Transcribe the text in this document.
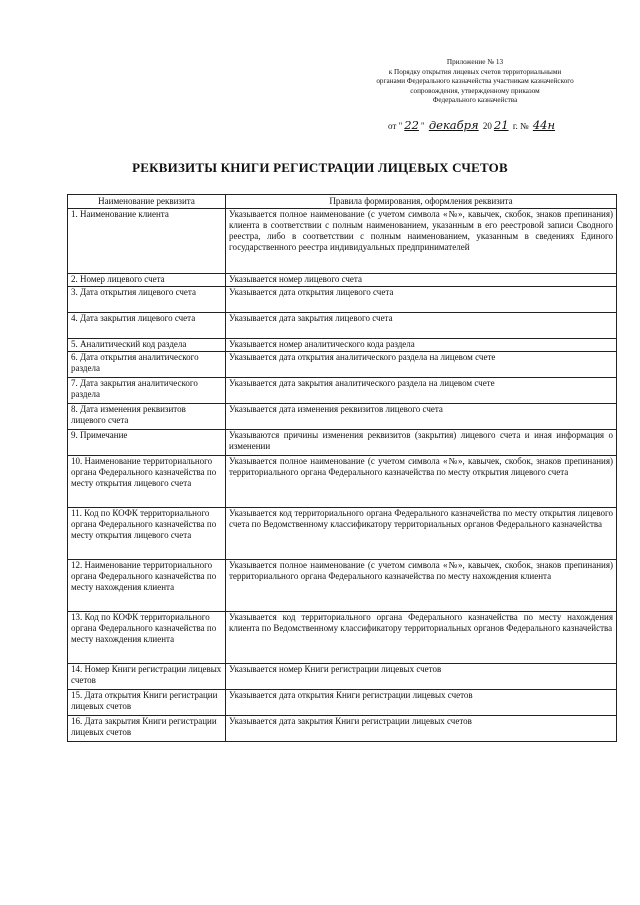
Приложение № 13
к Порядку открытия лицевых счетов территориальными
органами Федерального казначейства участникам казначейского
сопровождения, утвержденному приказом
Федерального казначейства
от " 22 " декабря 20 21 г. № 44н
РЕКВИЗИТЫ КНИГИ РЕГИСТРАЦИИ ЛИЦЕВЫХ СЧЕТОВ
Наименование реквизита	Правила формирования, оформления реквизита
1. Наименование клиента	Указывается полное наименование (с учетом символа «№», кавычек, скобок, знаков препинания) клиента в соответствии с полным наименованием, указанным в его реестровой записи Сводного реестра, либо в соответствии с полным наименованием, указанным в сведениях Единого государственного реестра индивидуальных предпринимателей
2. Номер лицевого счета	Указывается номер лицевого счета
3. Дата открытия лицевого счета	Указывается дата открытия лицевого счета
4. Дата закрытия лицевого счета	Указывается дата закрытия лицевого счета
5. Аналитический код раздела	Указывается номер аналитического кода раздела
6. Дата открытия аналитического раздела	Указывается дата открытия аналитического раздела на лицевом счете
7. Дата закрытия аналитического раздела	Указывается дата закрытия аналитического раздела на лицевом счете
8. Дата изменения реквизитов лицевого счета	Указывается дата изменения реквизитов лицевого счета
9. Примечание	Указываются причины изменения реквизитов (закрытия) лицевого счета и иная информация о изменении
10. Наименование территориального органа Федерального казначейства по месту открытия лицевого счета	Указывается полное наименование (с учетом символа «№», кавычек, скобок, знаков препинания) территориального органа Федерального казначейства по месту открытия лицевого счета
11. Код по КОФК территориального органа Федерального казначейства по месту открытия лицевого счета	Указывается код территориального органа Федерального казначейства по месту открытия лицевого счета по Ведомственному классификатору территориальных органов Федерального казначейства
12. Наименование территориального органа Федерального казначейства по месту нахождения клиента	Указывается полное наименование (с учетом символа «№», кавычек, скобок, знаков препинания) территориального органа Федерального казначейства по месту нахождения клиента
13. Код по КОФК территориального органа Федерального казначейства по месту нахождения клиента	Указывается код территориального органа Федерального казначейства по месту нахождения клиента по Ведомственному классификатору территориальных органов Федерального казначейства
14. Номер Книги регистрации лицевых счетов	Указывается номер Книги регистрации лицевых счетов
15. Дата открытия Книги регистрации лицевых счетов	Указывается дата открытия Книги регистрации лицевых счетов
16. Дата закрытия Книги регистрации лицевых счетов	Указывается дата закрытия Книги регистрации лицевых счетов
